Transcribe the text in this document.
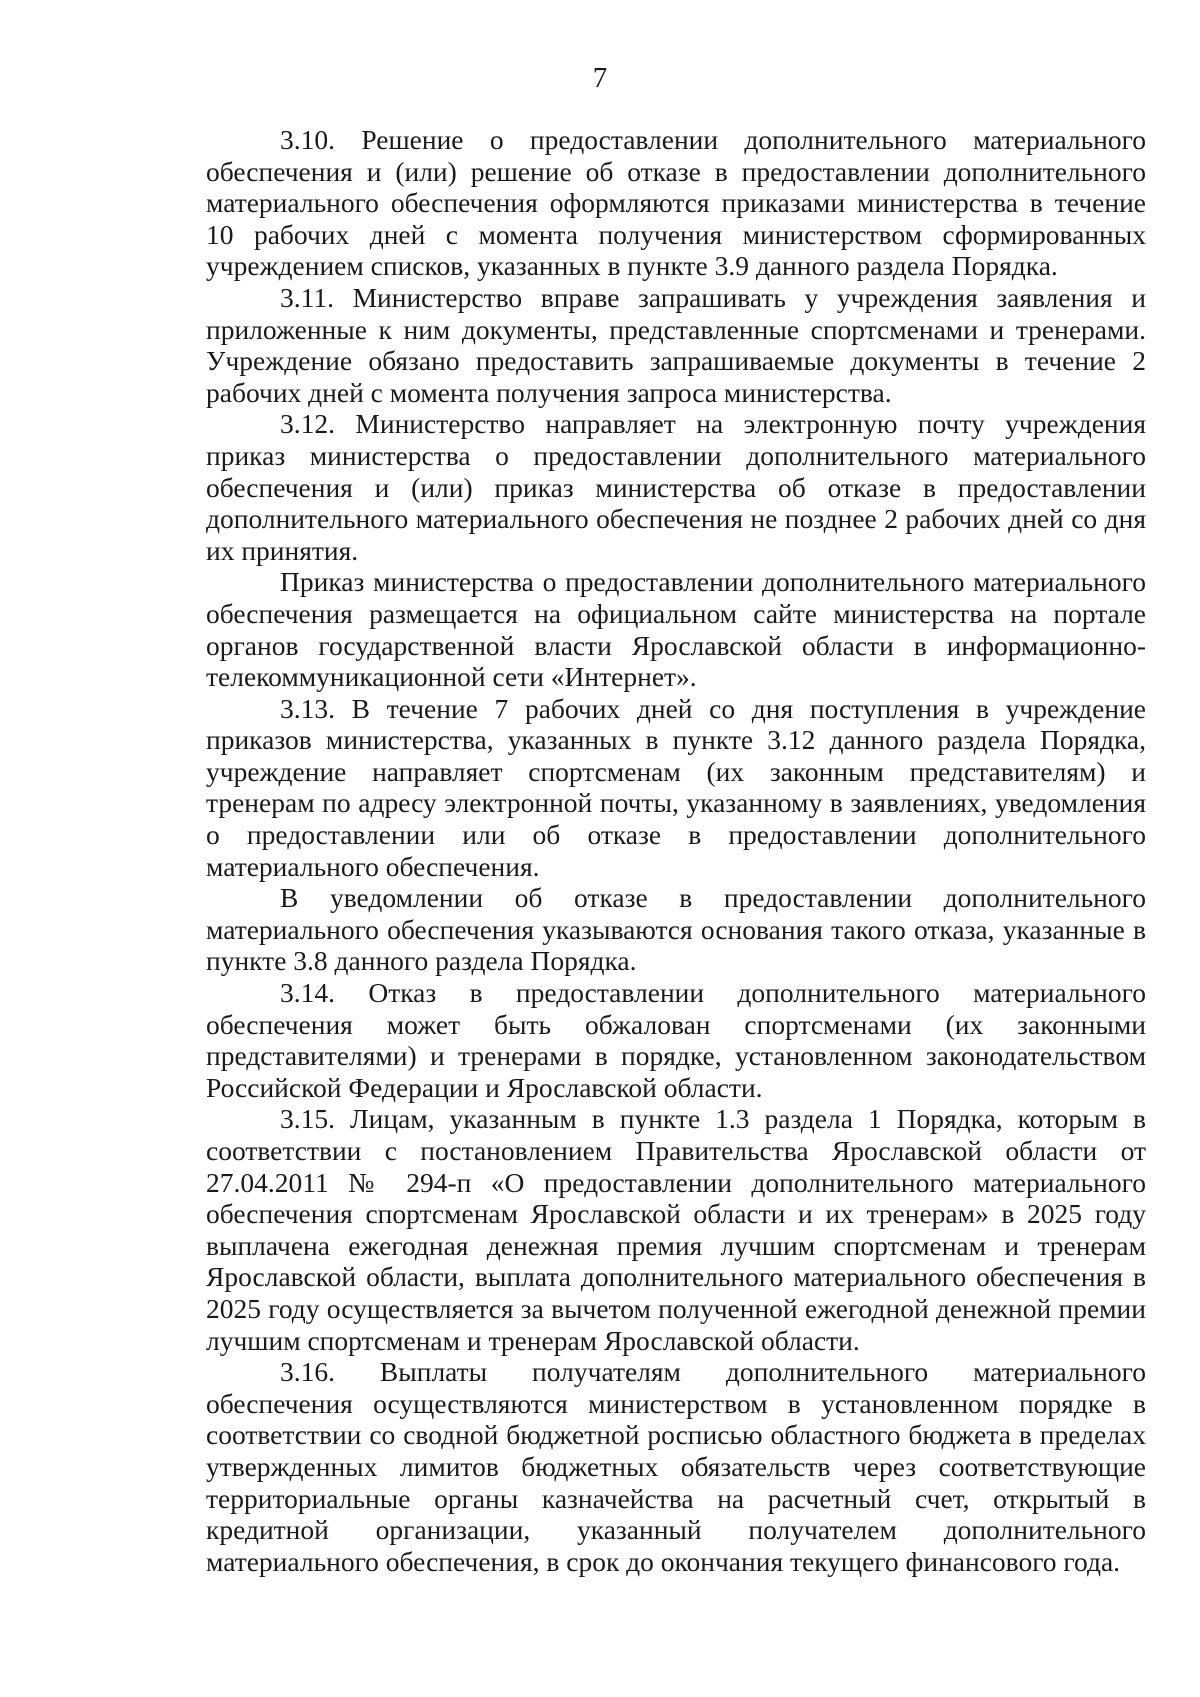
7

3.10. Решение о предоставлении дополнительного материального обеспечения и (или) решение об отказе в предоставлении дополнительного материального обеспечения оформляются приказами министерства в течение 10 рабочих дней с момента получения министерством сформированных учреждением списков, указанных в пункте 3.9 данного раздела Порядка.

3.11. Министерство вправе запрашивать у учреждения заявления и приложенные к ним документы, представленные спортсменами и тренерами. Учреждение обязано предоставить запрашиваемые документы в течение 2 рабочих дней с момента получения запроса министерства.

3.12. Министерство направляет на электронную почту учреждения приказ министерства о предоставлении дополнительного материального обеспечения и (или) приказ министерства об отказе в предоставлении дополнительного материального обеспечения не позднее 2 рабочих дней со дня их принятия.

Приказ министерства о предоставлении дополнительного материального обеспечения размещается на официальном сайте министерства на портале органов государственной власти Ярославской области в информационно-телекоммуникационной сети «Интернет».

3.13. В течение 7 рабочих дней со дня поступления в учреждение приказов министерства, указанных в пункте 3.12 данного раздела Порядка, учреждение направляет спортсменам (их законным представителям) и тренерам по адресу электронной почты, указанному в заявлениях, уведомления о предоставлении или об отказе в предоставлении дополнительного материального обеспечения.

В уведомлении об отказе в предоставлении дополнительного материального обеспечения указываются основания такого отказа, указанные в пункте 3.8 данного раздела Порядка.

3.14. Отказ в предоставлении дополнительного материального обеспечения может быть обжалован спортсменами (их законными представителями) и тренерами в порядке, установленном законодательством Российской Федерации и Ярославской области.

3.15. Лицам, указанным в пункте 1.3 раздела 1 Порядка, которым в соответствии с постановлением Правительства Ярославской области от 27.04.2011 № 294-п «О предоставлении дополнительного материального обеспечения спортсменам Ярославской области и их тренерам» в 2025 году выплачена ежегодная денежная премия лучшим спортсменам и тренерам Ярославской области, выплата дополнительного материального обеспечения в 2025 году осуществляется за вычетом полученной ежегодной денежной премии лучшим спортсменам и тренерам Ярославской области.

3.16. Выплаты получателям дополнительного материального обеспечения осуществляются министерством в установленном порядке в соответствии со сводной бюджетной росписью областного бюджета в пределах утвержденных лимитов бюджетных обязательств через соответствующие территориальные органы казначейства на расчетный счет, открытый в кредитной организации, указанный получателем дополнительного материального обеспечения, в срок до окончания текущего финансового года.
